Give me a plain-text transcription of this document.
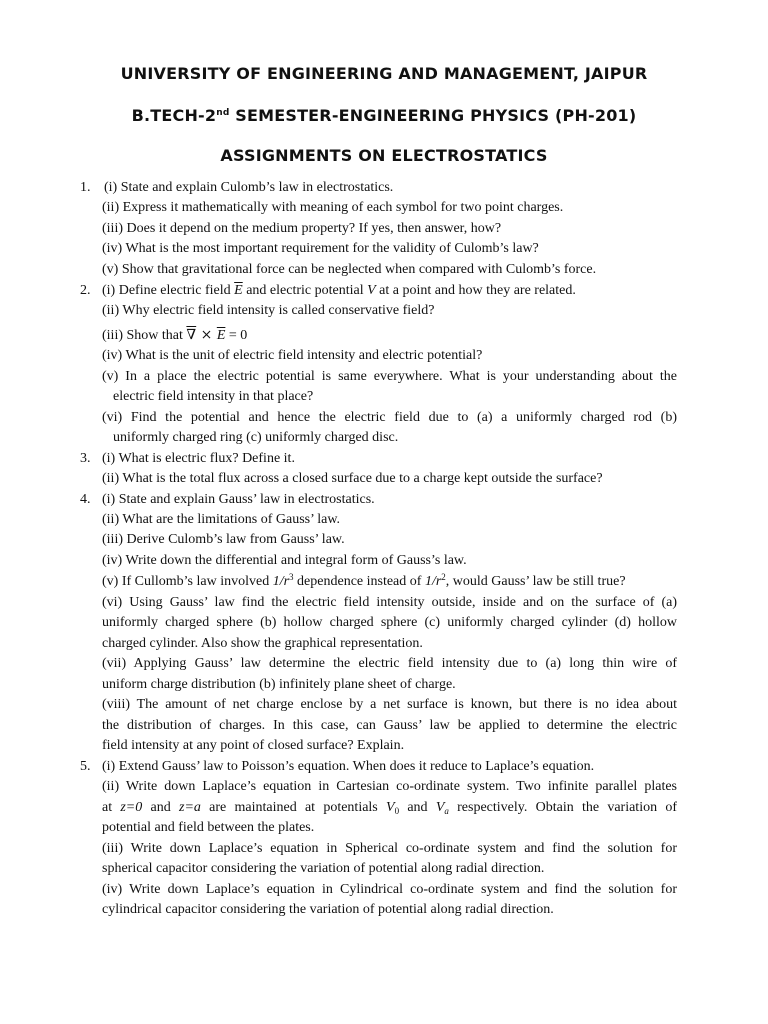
UNIVERSITY OF ENGINEERING AND MANAGEMENT, JAIPUR
B.TECH-2nd SEMESTER-ENGINEERING PHYSICS (PH-201)
ASSIGNMENTS ON ELECTROSTATICS
1. (i) State and explain Culomb’s law in electrostatics.
(ii) Express it mathematically with meaning of each symbol for two point charges.
(iii) Does it depend on the medium property? If yes, then answer, how?
(iv) What is the most important requirement for the validity of Culomb’s law?
(v) Show that gravitational force can be neglected when compared with Culomb’s force.
2. (i) Define electric field $\overline{E}$ and electric potential V at a point and how they are related.
(ii) Why electric field intensity is called conservative field?
(iii) Show that ∇ × $\overline{E} = 0$
(iv) What is the unit of electric field intensity and electric potential?
(v) In a place the electric potential is same everywhere. What is your understanding about the
electric field intensity in that place?
(vi) Find the potential and hence the electric field due to (a) a uniformly charged rod (b)
uniformly charged ring (c) uniformly charged disc.
3. (i) What is electric flux? Define it.
(ii) What is the total flux across a closed surface due to a charge kept outside the surface?
4. (i) State and explain Gauss’ law in electrostatics.
(ii) What are the limitations of Gauss’ law.
(iii) Derive Culomb’s law from Gauss’ law.
(iv) Write down the differential and integral form of Gauss’s law.
(v) If Cullomb’s law involved $1/r^3$ dependence instead of $1/r^2$, would Gauss’ law be still true?
(vi) Using Gauss’ law find the electric field intensity outside, inside and on the surface of (a)
uniformly charged sphere (b) hollow charged sphere (c) uniformly charged cylinder (d) hollow
charged cylinder. Also show the graphical representation.
(vii) Applying Gauss’ law determine the electric field intensity due to (a) long thin wire of
uniform charge distribution (b) infinitely plane sheet of charge.
(viii) The amount of net charge enclose by a net surface is known, but there is no idea about
the distribution of charges. In this case, can Gauss’ law be applied to determine the electric
field intensity at any point of closed surface? Explain.
5. (i) Extend Gauss’ law to Poisson’s equation. When does it reduce to Laplace’s equation.
(ii) Write down Laplace’s equation in Cartesian co-ordinate system. Two infinite parallel plates
at z=0 and z=a are maintained at potentials $V_0$ and $V_a$ respectively. Obtain the variation of
potential and field between the plates.
(iii) Write down Laplace’s equation in Spherical co-ordinate system and find the solution for
spherical capacitor considering the variation of potential along radial direction.
(iv) Write down Laplace’s equation in Cylindrical co-ordinate system and find the solution for
cylindrical capacitor considering the variation of potential along radial direction.
